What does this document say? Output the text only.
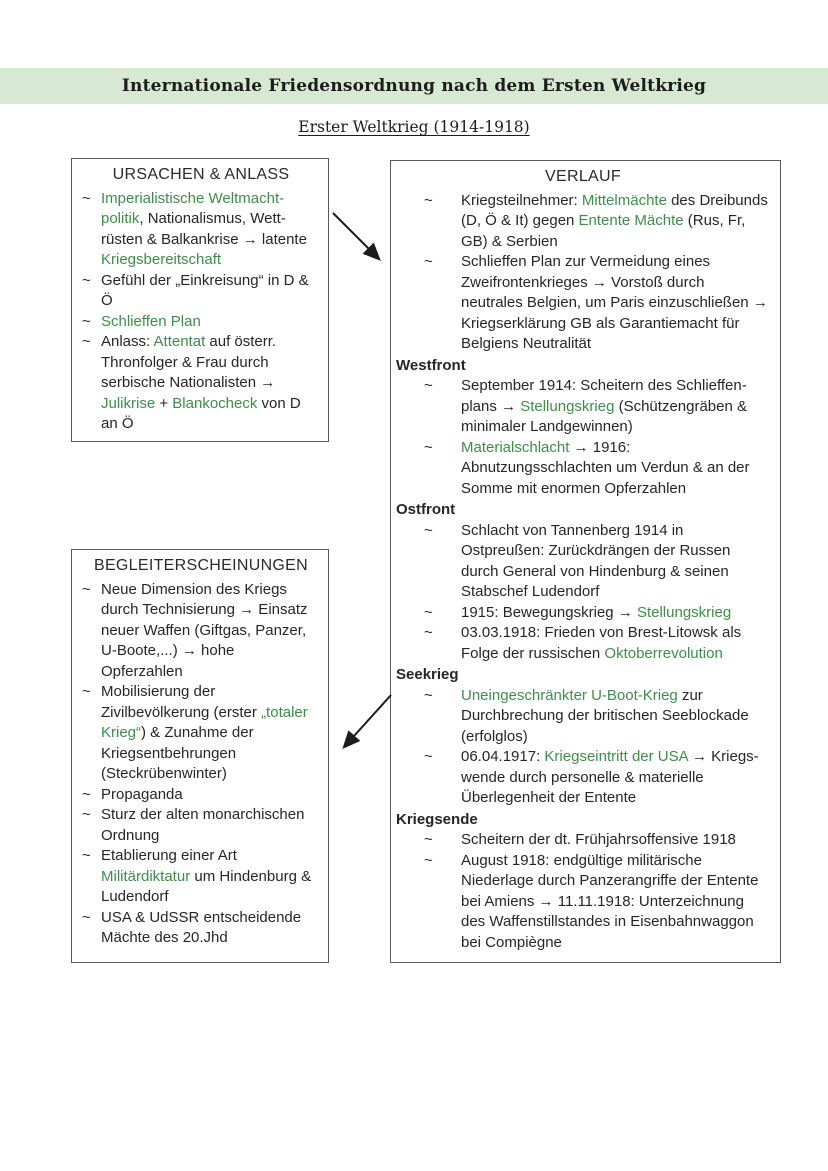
Internationale Friedensordnung nach dem Ersten Weltkrieg
Erster Weltkrieg (1914-1918)
URSACHEN & ANLASS
~ Imperialistische Weltmacht-politik, Nationalismus, Wett-rüsten & Balkankrise → latente Kriegsbereitschaft
~ Gefühl der „Einkreisung“ in D & Ö
~ Schlieffen Plan
~ Anlass: Attentat auf österr. Thronfolger & Frau durch serbische Nationalisten → Julikrise + Blankocheck von D an Ö
BEGLEITERSCHEINUNGEN
~ Neue Dimension des Kriegs durch Technisierung → Einsatz neuer Waffen (Giftgas, Panzer, U-Boote,...) → hohe Opferzahlen
~ Mobilisierung der Zivilbevölkerung (erster „totaler Krieg“) & Zunahme der Kriegsentbehrungen (Steckrübenwinter)
~ Propaganda
~ Sturz der alten monarchischen Ordnung
~ Etablierung einer Art Militärdiktatur um Hindenburg & Ludendorf
~ USA & UdSSR entscheidende Mächte des 20.Jhd
VERLAUF
~	Kriegsteilnehmer: Mittelmächte des Dreibunds (D, Ö & It) gegen Entente Mächte (Rus, Fr, GB) & Serbien
~	Schlieffen Plan zur Vermeidung eines Zweifrontenkrieges → Vorstoß durch neutrales Belgien, um Paris einzuschließen → Kriegserklärung GB als Garantiemacht für Belgiens Neutralität
Westfront
~	September 1914: Scheitern des Schlieffen-plans → Stellungskrieg (Schützengräben & minimaler Landgewinnen)
~	Materialschlacht → 1916: Abnutzungsschlachten um Verdun & an der Somme mit enormen Opferzahlen
Ostfront
~	Schlacht von Tannenberg 1914 in Ostpreußen: Zurückdrängen der Russen durch General von Hindenburg & seinen Stabschef Ludendorf
~	1915: Bewegungskrieg → Stellungskrieg
~	03.03.1918: Frieden von Brest-Litowsk als Folge der russischen Oktoberrevolution
Seekrieg
~	Uneingeschränkter U-Boot-Krieg zur Durchbrechung der britischen Seeblockade (erfolglos)
~	06.04.1917: Kriegseintritt der USA → Kriegs-wende durch personelle & materielle Überlegenheit der Entente
Kriegsende
~	Scheitern der dt. Frühjahrsoffensive 1918
~	August 1918: endgültige militärische Niederlage durch Panzerangriffe der Entente bei Amiens → 11.11.1918: Unterzeichnung des Waffenstillstandes in Eisenbahnwaggon bei Compiègne
